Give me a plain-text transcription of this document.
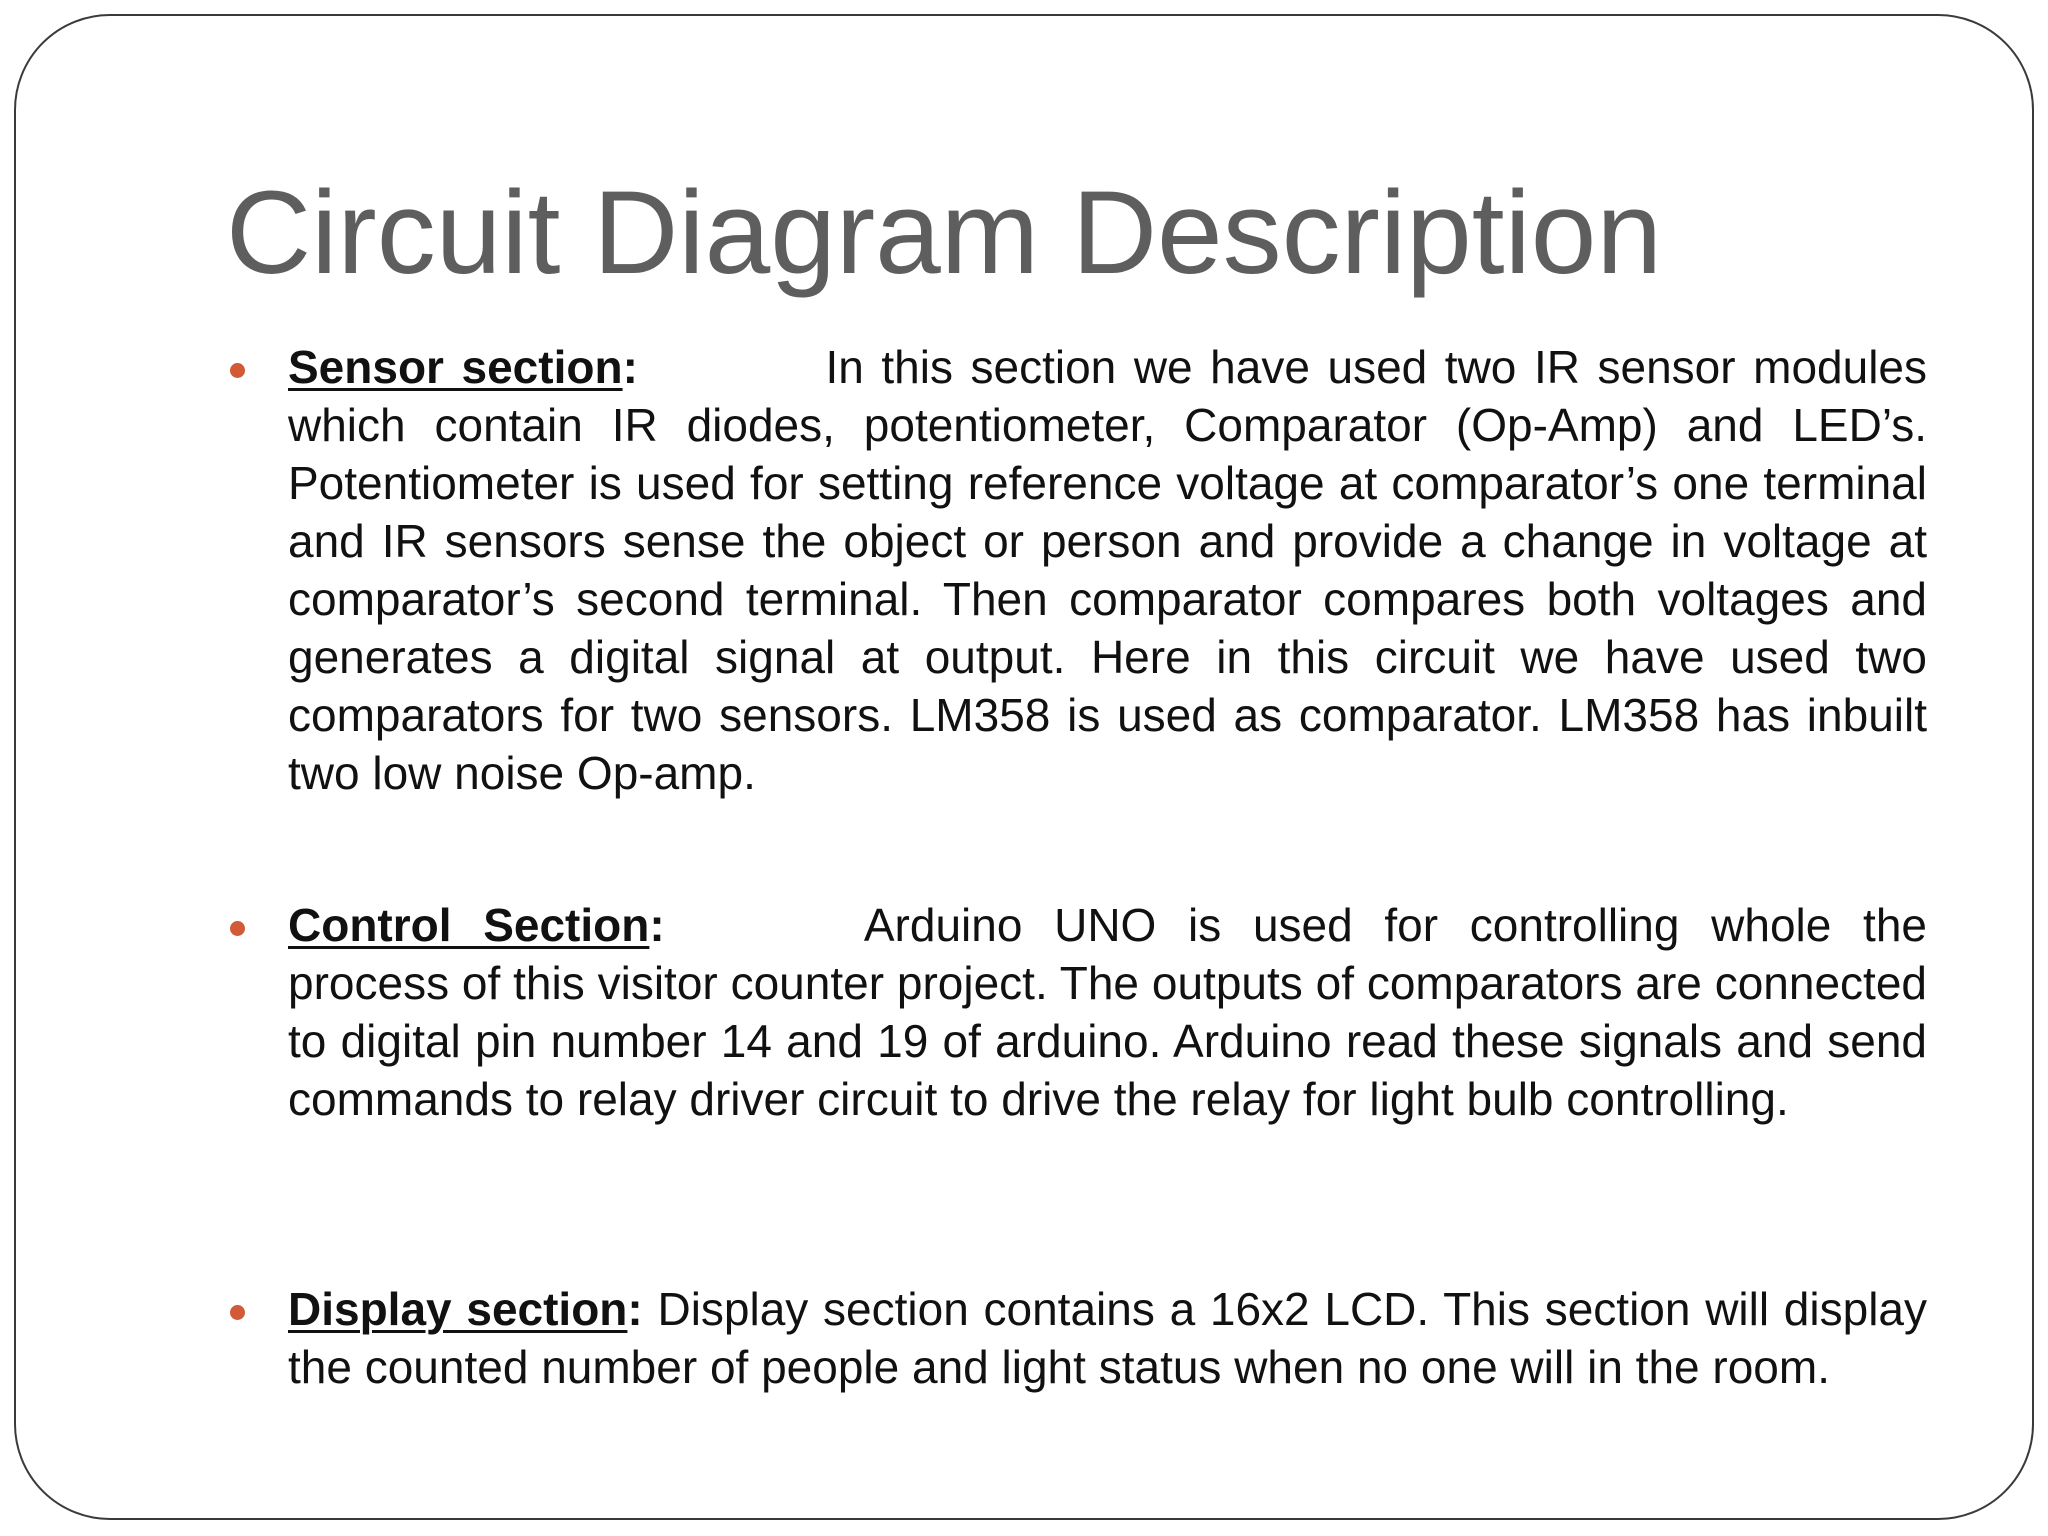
Circuit Diagram Description

Sensor section:	In this section we have used two IR sensor modules which contain IR diodes, potentiometer, Comparator (Op-Amp) and LED’s. Potentiometer is used for setting reference voltage at comparator’s one terminal and IR sensors sense the object or person and provide a change in voltage at comparator’s second terminal. Then comparator compares both voltages and generates a digital signal at output. Here in this circuit we have used two comparators for two sensors. LM358 is used as comparator. LM358 has inbuilt two low noise Op-amp.

Control Section:	Arduino UNO is used for controlling whole the process of this visitor counter project. The outputs of comparators are connected to digital pin number 14 and 19 of arduino. Arduino read these signals and send commands to relay driver circuit to drive the relay for light bulb controlling.

Display section: Display section contains a 16x2 LCD. This section will display the counted number of people and light status when no one will in the room.
